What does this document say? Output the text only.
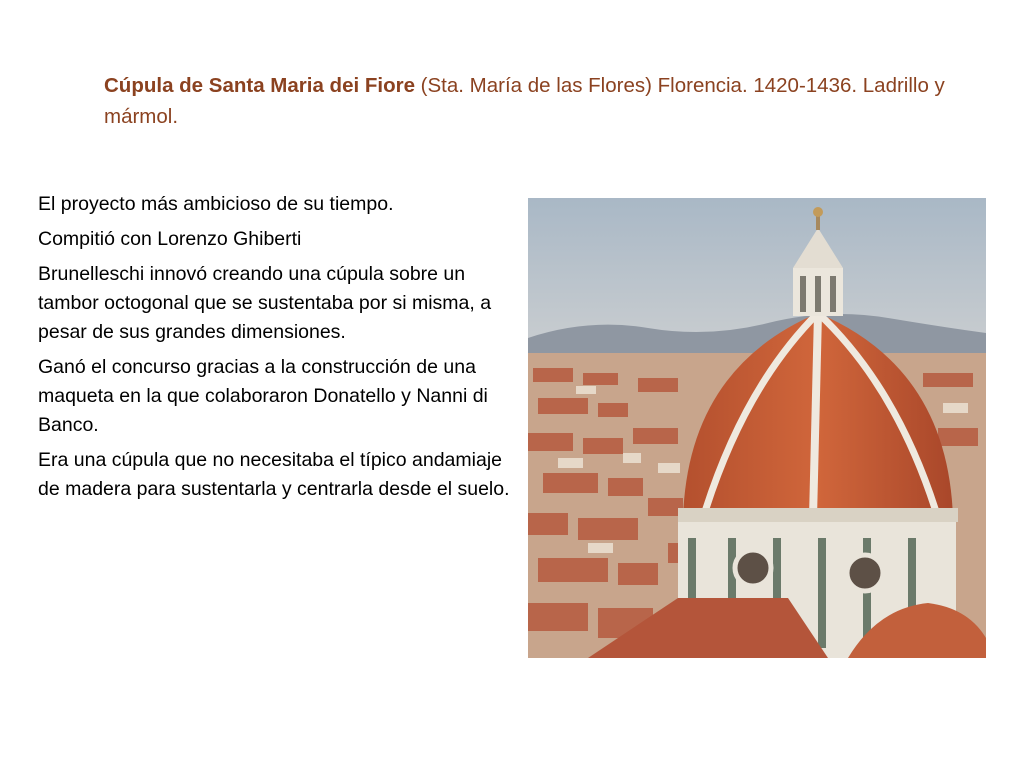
Cúpula de Santa Maria dei Fiore (Sta. María de las Flores) Florencia. 1420-1436. Ladrillo y mármol.

El proyecto más ambicioso de su tiempo.

Compitió con Lorenzo Ghiberti

Brunelleschi innovó creando una cúpula sobre un tambor octogonal que se sustentaba por si misma, a pesar de sus grandes dimensiones.

Ganó el concurso gracias a la construcción de una maqueta en la que colaboraron Donatello y Nanni di Banco.

Era una cúpula que no necesitaba el típico andamiaje de madera para sustentarla y centrarla desde el suelo.
